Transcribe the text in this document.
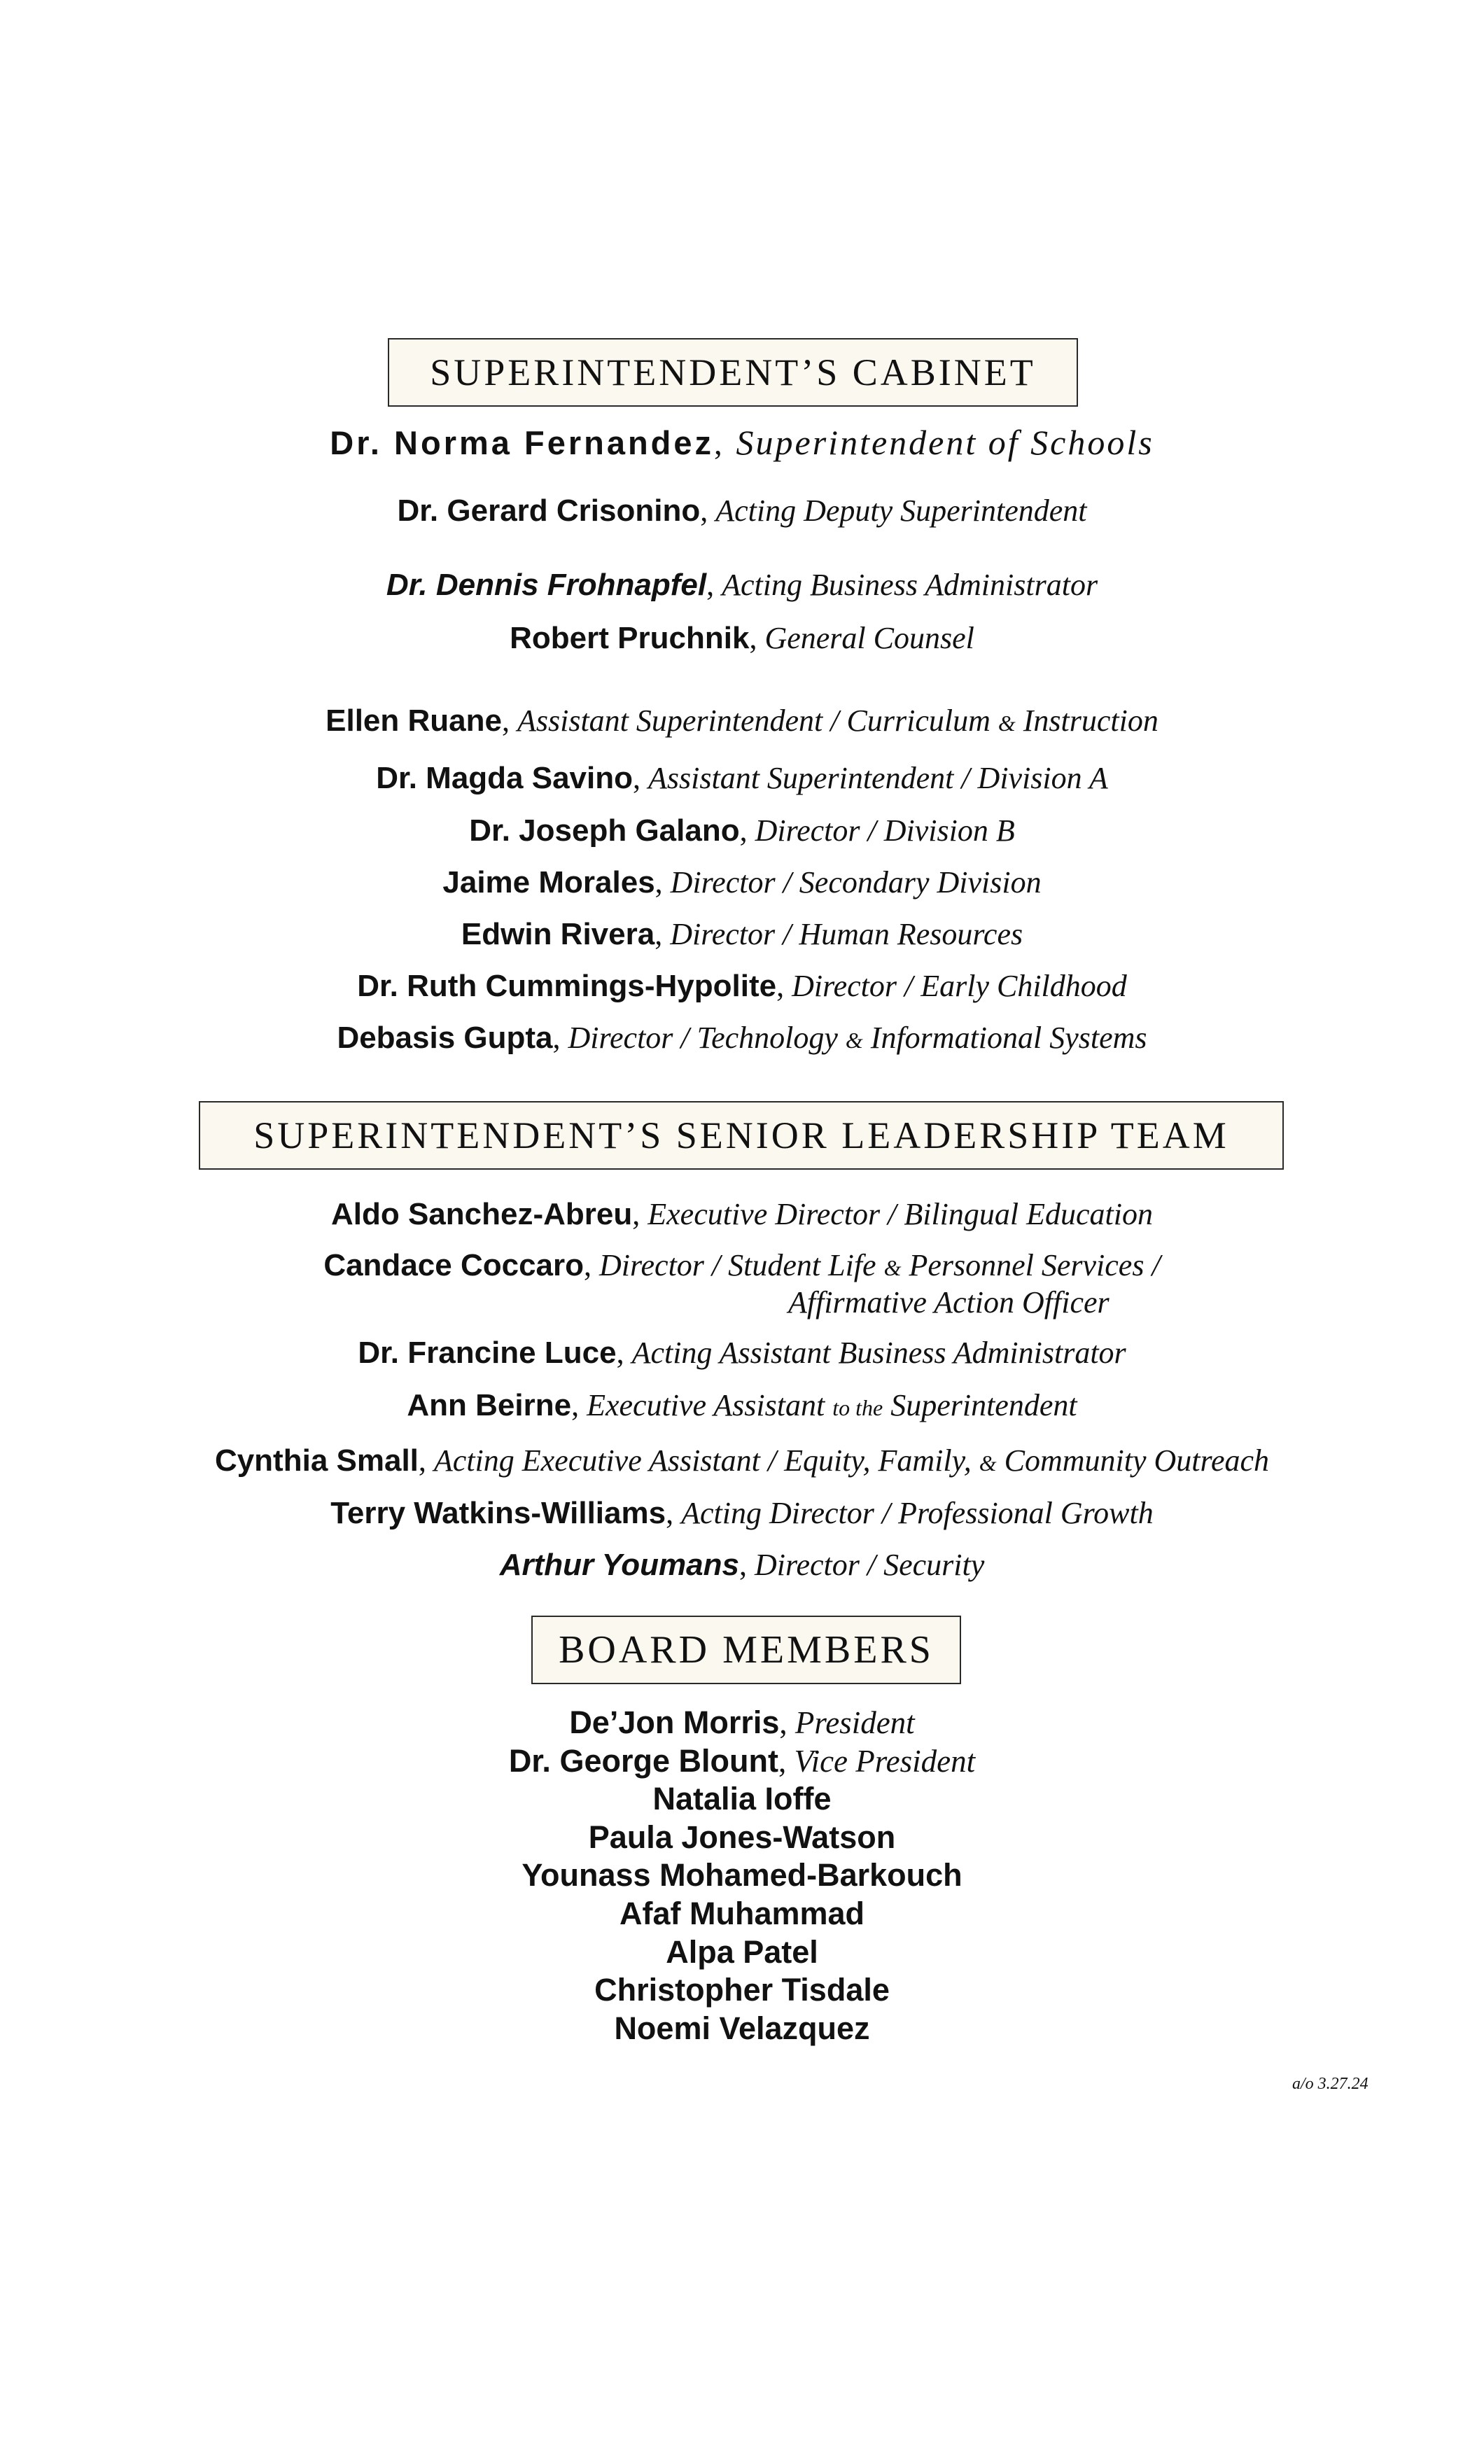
SUPERINTENDENT’S CABINET
Dr. Norma Fernandez, Superintendent of Schools
Dr. Gerard Crisonino, Acting Deputy Superintendent
Dr. Dennis Frohnapfel, Acting Business Administrator
Robert Pruchnik, General Counsel
Ellen Ruane, Assistant Superintendent / Curriculum & Instruction
Dr. Magda Savino, Assistant Superintendent / Division A
Dr. Joseph Galano, Director / Division B
Jaime Morales, Director / Secondary Division
Edwin Rivera, Director / Human Resources
Dr. Ruth Cummings-Hypolite, Director / Early Childhood
Debasis Gupta, Director / Technology & Informational Systems
SUPERINTENDENT’S SENIOR LEADERSHIP TEAM
Aldo Sanchez-Abreu, Executive Director / Bilingual Education
Candace Coccaro, Director / Student Life & Personnel Services /
Affirmative Action Officer
Dr. Francine Luce, Acting Assistant Business Administrator
Ann Beirne, Executive Assistant to the Superintendent
Cynthia Small, Acting Executive Assistant / Equity, Family, & Community Outreach
Terry Watkins-Williams, Acting Director / Professional Growth
Arthur Youmans, Director / Security
BOARD MEMBERS
De’Jon Morris, President
Dr. George Blount, Vice President
Natalia Ioffe
Paula Jones-Watson
Younass Mohamed-Barkouch
Afaf Muhammad
Alpa Patel
Christopher Tisdale
Noemi Velazquez
a/o 3.27.24
